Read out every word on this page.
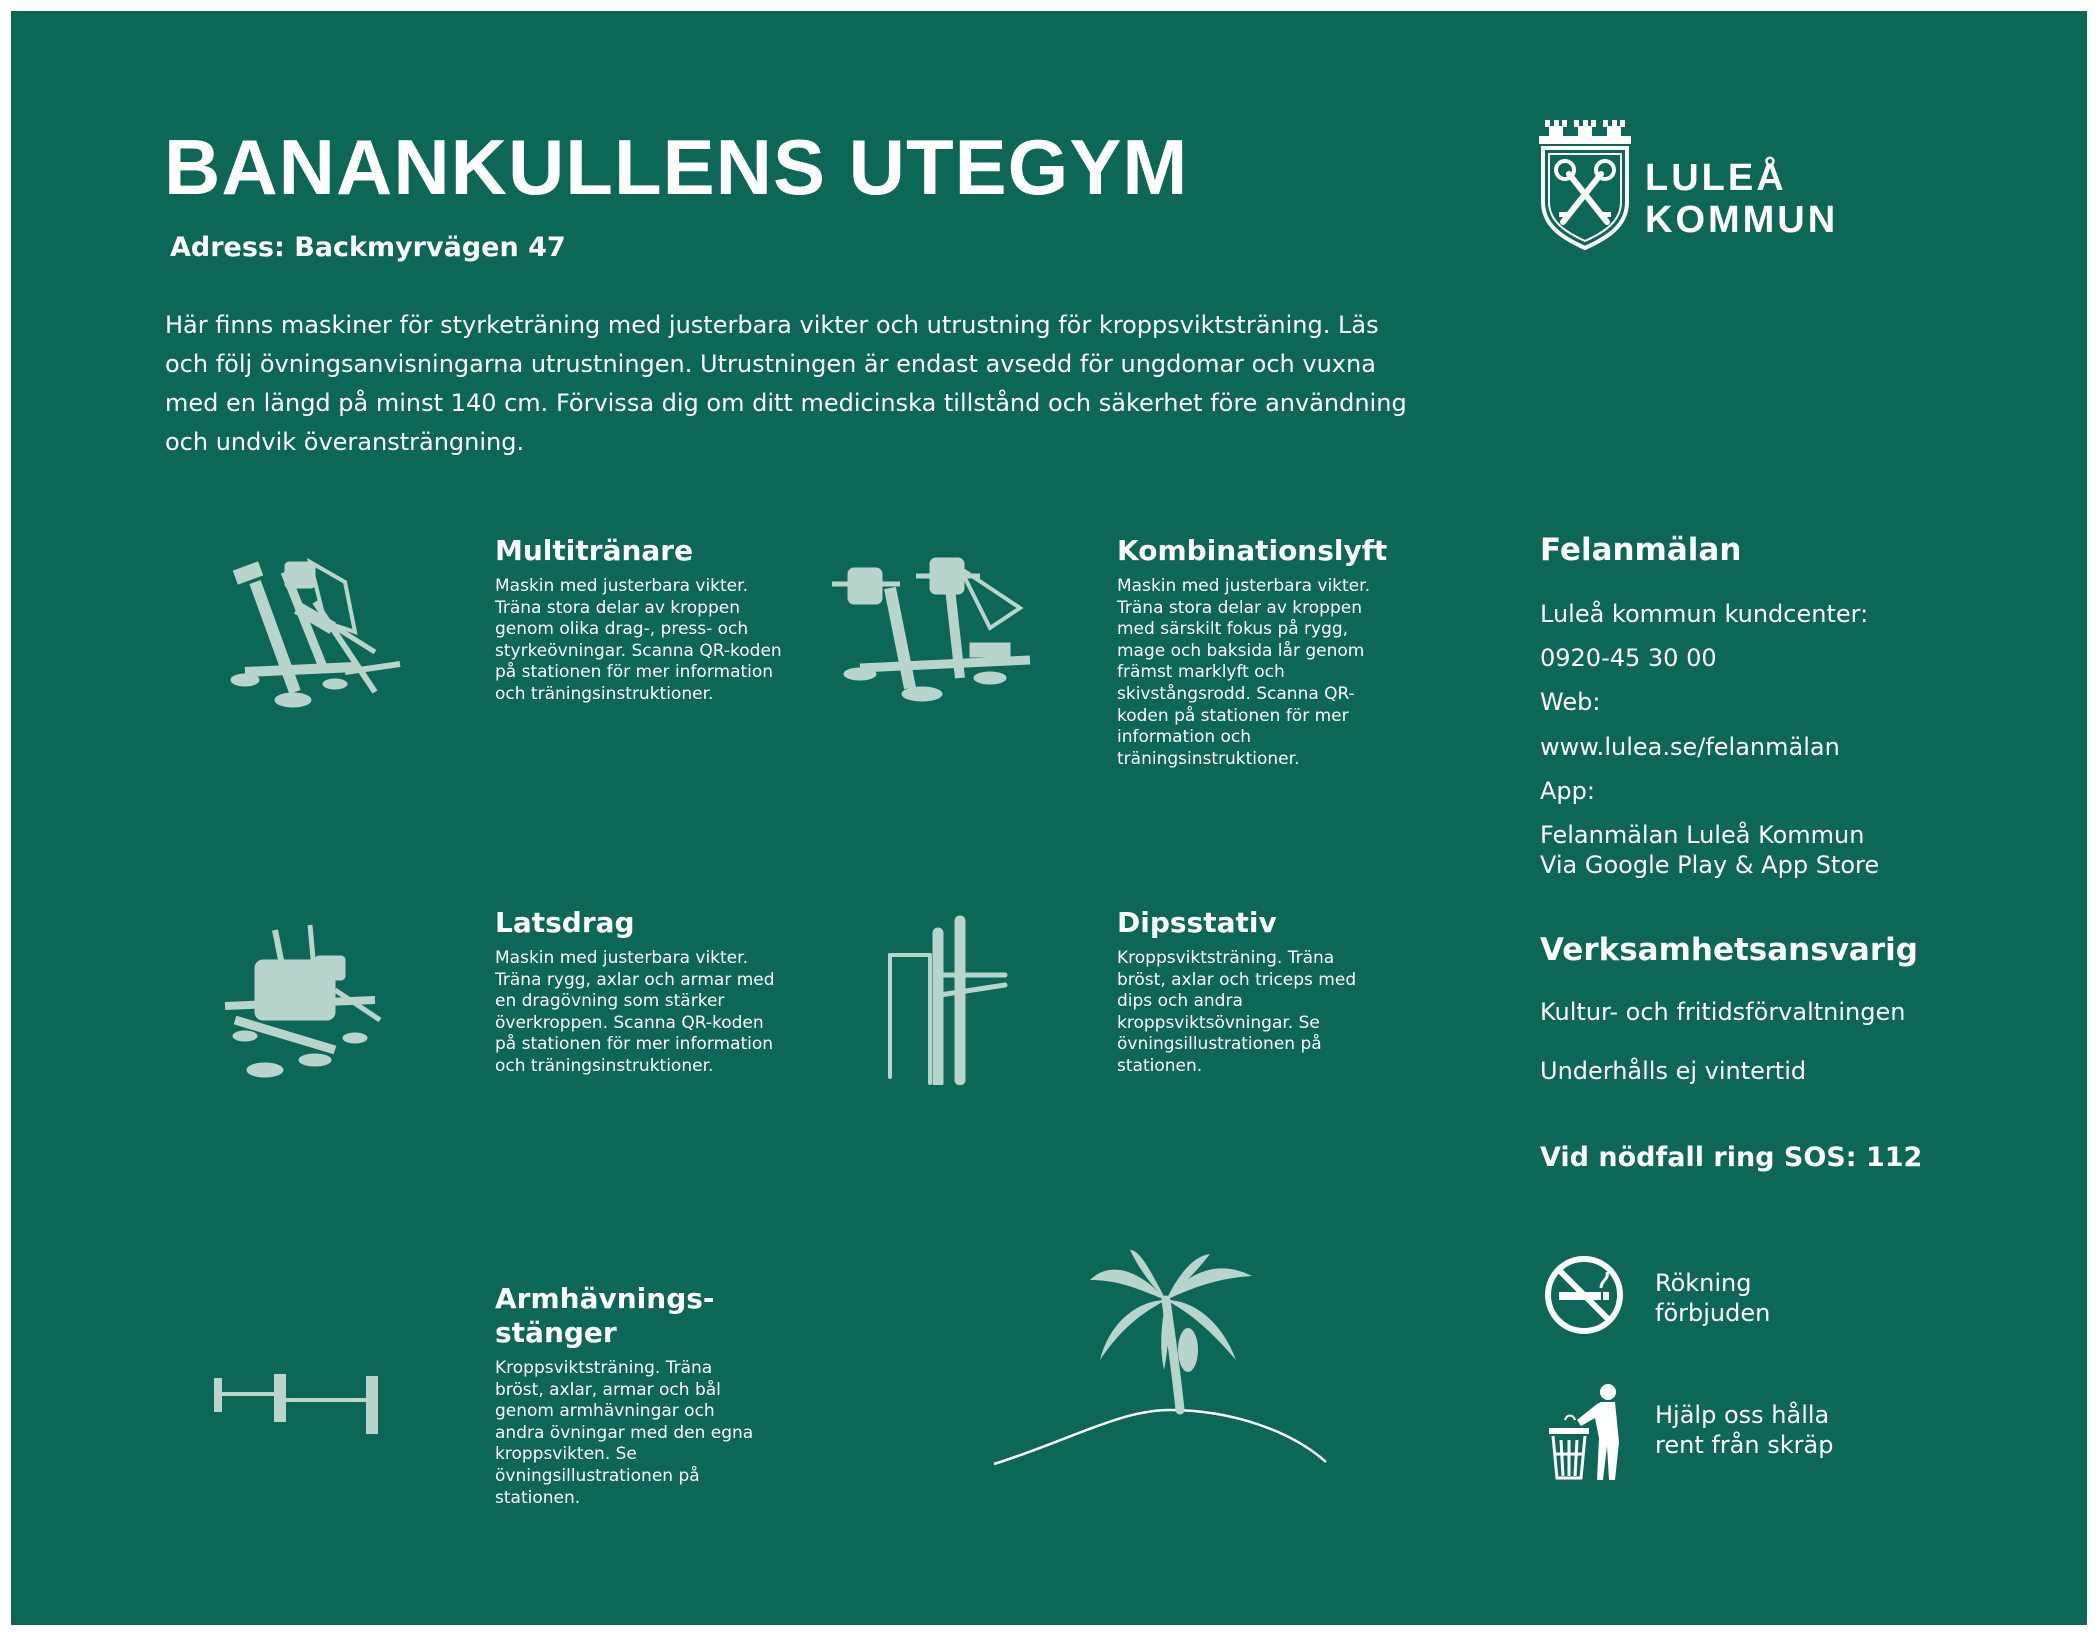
BANANKULLENS UTEGYM
Adress: Backmyrvägen 47

Här finns maskiner för styrketräning med justerbara vikter och utrustning för kroppsviktsträning. Läs och följ övningsanvisningarna utrustningen. Utrustningen är endast avsedd för ungdomar och vuxna med en längd på minst 140 cm. Förvissa dig om ditt medicinska tillstånd och säkerhet före användning och undvik överansträngning.

LULEÅ
KOMMUN
Multitränare

Maskin med justerbara vikter. Träna stora delar av kroppen genom olika drag-, press- och styrkeövningar. Scanna QR-koden på stationen för mer information och träningsinstruktioner.

Kombinationslyft

Maskin med justerbara vikter. Träna stora delar av kroppen med särskilt fokus på rygg, mage och baksida lår genom främst marklyft och skivstångsrodd. Scanna QR-koden på stationen för mer information och träningsinstruktioner.

Latsdrag

Maskin med justerbara vikter. Träna rygg, axlar och armar med en dragövning som stärker överkroppen. Scanna QR-koden på stationen för mer information och träningsinstruktioner.

Dipsstativ

Kroppsviktsträning. Träna bröst, axlar och triceps med dips och andra kroppsviktsövningar. Se övningsillustrationen på stationen.

Armhävnings-
stänger

Kroppsviktsträning. Träna bröst, axlar, armar och bål genom armhävningar och andra övningar med den egna kroppsvikten. Se övningsillustrationen på stationen.

Felanmälan
Luleå kommun kundcenter:
0920-45 30 00
Web:
www.lulea.se/felanmälan
App:
Felanmälan Luleå Kommun
Via Google Play & App Store
Verksamhetsansvarig
Kultur- och fritidsförvaltningen
Underhålls ej vintertid
Vid nödfall ring SOS: 112
Rökning
förbjuden
Hjälp oss hålla
rent från skräp
